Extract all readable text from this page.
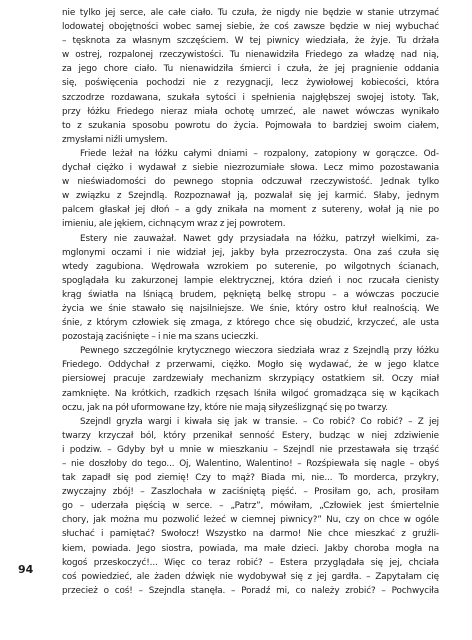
nie tylko jej serce, ale całe ciało. Tu czuła, że nigdy nie będzie w stanie utrzymać
lodowatej obojętności wobec samej siebie, że coś zawsze będzie w niej wybuchać
– tęsknota za własnym szczęściem. W tej piwnicy wiedziała, że żyje. Tu drżała
w ostrej, rozpalonej rzeczywistości. Tu nienawidziła Friedego za władzę nad nią,
za jego chore ciało. Tu nienawidziła śmierci i czuła, że jej pragnienie oddania
się, poświęcenia pochodzi nie z rezygnacji, lecz żywiołowej kobiecości, która
szczodrze rozdawana, szukała sytości i spełnienia najgłębszej swojej istoty. Tak,
przy łóżku Friedego nieraz miała ochotę umrzeć, ale nawet wówczas wynikało
to z szukania sposobu powrotu do życia. Pojmowała to bardziej swoim ciałem,
zmysłami niźli umysłem.
Friede leżał na łóżku całymi dniami – rozpalony, zatopiony w gorączce. Od-
dychał ciężko i wydawał z siebie niezrozumiałe słowa. Lecz mimo pozostawania
w nieświadomości do pewnego stopnia odczuwał rzeczywistość. Jednak tylko
w związku z Szejndlą. Rozpoznawał ją, pozwalał się jej karmić. Słaby, jednym
palcem głaskał jej dłoń – a gdy znikała na moment z sutereny, wołał ją nie po
imieniu, ale jękiem, cichnącym wraz z jej powrotem.
Estery nie zauważał. Nawet gdy przysiadała na łóżku, patrzył wielkimi, za-
mglonymi oczami i nie widział jej, jakby była przezroczysta. Ona zaś czuła się
wtedy zagubiona. Wędrowała wzrokiem po suterenie, po wilgotnych ścianach,
spoglądała ku zakurzonej lampie elektrycznej, która dzień i noc rzucała cienisty
krąg światła na lśniącą brudem, pękniętą belkę stropu – a wówczas poczucie
życia we śnie stawało się najsilniejsze. We śnie, który ostro kłuł realnością. We
śnie, z którym człowiek się zmaga, z którego chce się obudzić, krzyczeć, ale usta
pozostają zaciśnięte – i nie ma szans ucieczki.
Pewnego szczególnie krytycznego wieczora siedziała wraz z Szejndlą przy łóżku
Friedego. Oddychał z przerwami, ciężko. Mogło się wydawać, że w jego klatce
piersiowej pracuje zardzewiały mechanizm skrzypiący ostatkiem sił. Oczy miał
zamknięte. Na krótkich, rzadkich rzęsach lśniła wilgoć gromadząca się w kącikach
oczu, jak na pół uformowane łzy, które nie mają siłyześlizgnąć się po twarzy.
Szejndl gryzła wargi i kiwała się jak w transie. – Co robić? Co robić? – Z jej
twarzy krzyczał ból, który przenikał senność Estery, budząc w niej zdziwienie
i podziw. – Gdyby był u mnie w mieszkaniu – Szejndl nie przestawała się trząść
– nie doszłoby do tego... Oj, Walentino, Walentino! – Rozśpiewała się nagle – obyś
tak zapadł się pod ziemię! Czy to mąż? Biada mi, nie... To morderca, przykry,
zwyczajny zbój! – Zaszlochała w zaciśniętą pięść. – Prosiłam go, ach, prosiłam
go – uderzała pięścią w serce. – „Patrz”, mówiłam, „Człowiek jest śmiertelnie
chory, jak można mu pozwolić leżeć w ciemnej piwnicy?” Nu, czy on chce w ogóle
słuchać i pamiętać? Swołocz! Wszystko na darmo! Nie chce mieszkać z gruźli-
kiem, powiada. Jego siostra, powiada, ma małe dzieci. Jakby choroba mogła na
kogoś przeskoczyć!... Więc co teraz robić? – Estera przyglądała się jej, chciała
coś powiedzieć, ale żaden dźwięk nie wydobywał się z jej gardła. – Zapytałam cię
przecież o coś! – Szejndla stanęła. – Poradź mi, co należy zrobić? – Pochwyciła
94
